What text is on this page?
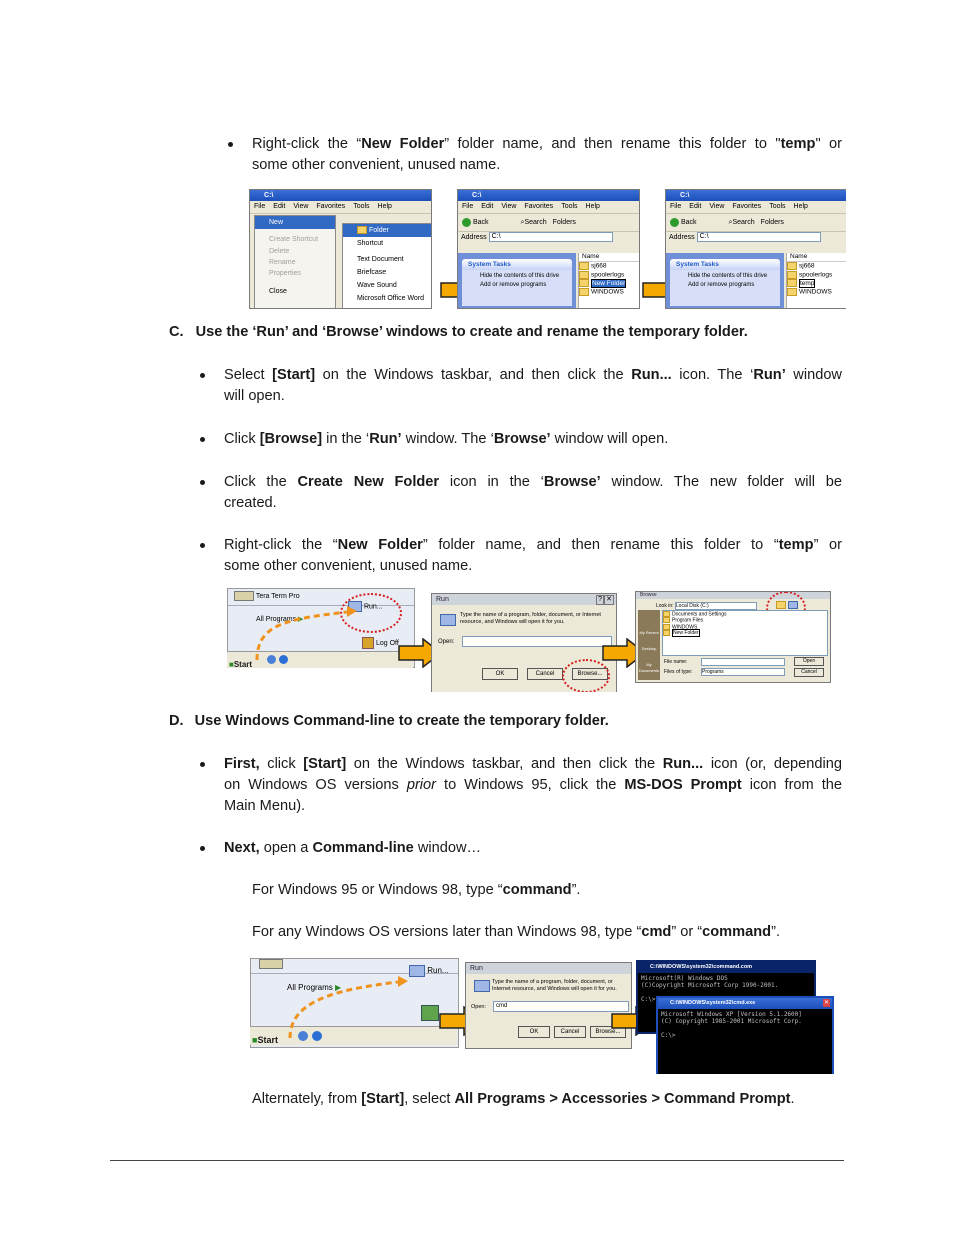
Right-click the “New Folder” folder name, and then rename this folder to "temp" or
some other convenient, unused name.
C:\
File Edit View Favorites Tools Help
New
Create Shortcut
Delete
Rename
Properties
Close
Folder
Shortcut
Text Document
Briefcase
Wave Sound
Microsoft Office Word
C:\
File Edit View Favorites Tools Help
Back	⌕Search Folders
Address C:\
System Tasks
Hide the contents of this drive
Add or remove programs
Name
sj668
spoolerlogs
New Folder
WINDOWS
C:\
File Edit View Favorites Tools Help
Back	⌕Search Folders
Address C:\
System Tasks
Hide the contents of this drive
Add or remove programs
Name
sj668
spoolerlogs
temp
WINDOWS
C. Use the ‘Run’ and ‘Browse’ windows to create and rename the temporary folder.
Select [Start] on the Windows taskbar, and then click the Run... icon. The ‘Run’ window
will open.
Click [Browse] in the ‘Run’ window. The ‘Browse’ window will open.
Click the Create New Folder icon in the ‘Browse’ window. The new folder will be
created.
Right-click the “New Folder” folder name, and then rename this folder to “temp” or
some other convenient, unused name.
Tera Term Pro
All Programs ▶
Run...
Log Off
■Start
Run	? ✕
Type the name of a program, folder, document, or Internet resource, and Windows will open it for you.
Open:
OK	Cancel	Browse...
Browse
Look in: Local Disk (C:)
My Recent
Desktop
My Documents
Documents and Settings
Program Files
WINDOWS
New Folder
File name:
Files of type: Programs
Open
Cancel
D. Use Windows Command-line to create the temporary folder.
First, click [Start] on the Windows taskbar, and then click the Run... icon (or, depending
on Windows OS versions prior to Windows 95, click the MS-DOS Prompt icon from the
Main Menu).
Next, open a Command-line window…
For Windows 95 or Windows 98, type “command”.
For any Windows OS versions later than Windows 98, type “cmd” or “command”.
All Programs ▶
Run...
■Start
Run
Type the name of a program, folder, document, or Internet resource, and Windows will open it for you.
Open:	cmd
OK	Cancel	Browse...
C:\WINDOWS\system32\command.com
Microsoft(R) Windows DOS
(C)Copyright Microsoft Corp 1990-2001.
C:\>	C:\WINDOWS\system32\cmd.exe	✕
Microsoft Windows XP [Version 5.1.2600]
(C) Copyright 1985-2001 Microsoft Corp.
C:\>
Alternately, from [Start], select All Programs > Accessories > Command Prompt.
